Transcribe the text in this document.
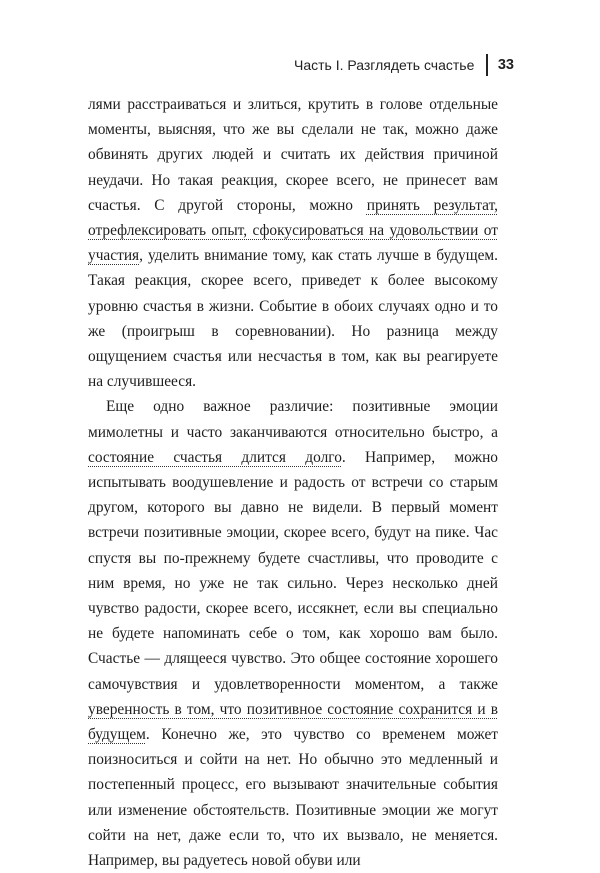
Часть I. Разглядеть счастье 33

лями расстраиваться и злиться, крутить в голове отдельные моменты, выясняя, что же вы сделали не так, можно даже обвинять других людей и считать их действия причиной неудачи. Но такая реакция, скорее всего, не принесет вам счастья. С другой стороны, можно принять результат, отрефлексировать опыт, сфокусироваться на удовольствии от участия, уделить внимание тому, как стать лучше в будущем. Такая реакция, скорее всего, приведет к более высокому уровню счастья в жизни. Событие в обоих случаях одно и то же (проигрыш в соревновании). Но разница между ощущением счастья или несчастья в том, как вы реагируете на случившееся.

Еще одно важное различие: позитивные эмоции мимолетны и часто заканчиваются относительно быстро, а состояние счастья длится долго. Например, можно испытывать воодушевление и радость от встречи со старым другом, которого вы давно не видели. В первый момент встречи позитивные эмоции, скорее всего, будут на пике. Час спустя вы по-прежнему будете счастливы, что проводите с ним время, но уже не так сильно. Через несколько дней чувство радости, скорее всего, иссякнет, если вы специально не будете напоминать себе о том, как хорошо вам было. Счастье — длящееся чувство. Это общее состояние хорошего самочувствия и удовлетворенности моментом, а также уверенность в том, что позитивное состояние сохранится и в будущем. Конечно же, это чувство со временем может поизноситься и сойти на нет. Но обычно это медленный и постепенный процесс, его вызывают значительные события или изменение обстоятельств. Позитивные эмоции же могут сойти на нет, даже если то, что их вызвало, не меняется. Например, вы радуетесь новой обуви или
